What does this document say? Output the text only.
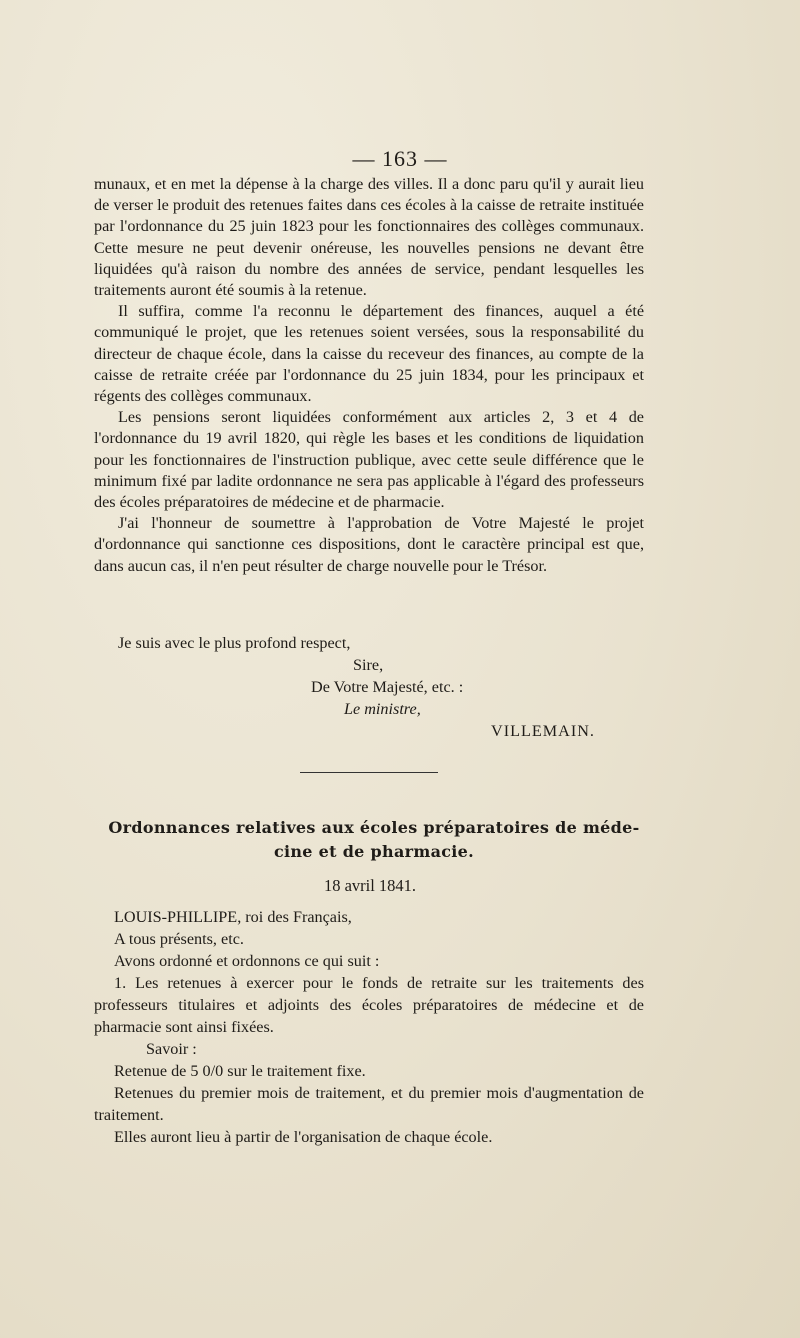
— 163 —

munaux, et en met la dépense à la charge des villes. Il a donc paru qu'il y aurait lieu de verser le produit des retenues faites dans ces écoles à la caisse de retraite instituée par l'ordonnance du 25 juin 1823 pour les fonctionnaires des collèges communaux. Cette mesure ne peut devenir onéreuse, les nouvelles pensions ne devant être liquidées qu'à raison du nombre des années de service, pendant lesquelles les traitements auront été soumis à la retenue.

Il suffira, comme l'a reconnu le département des finances, auquel a été communiqué le projet, que les retenues soient versées, sous la responsabilité du directeur de chaque école, dans la caisse du receveur des finances, au compte de la caisse de retraite créée par l'ordonnance du 25 juin 1834, pour les principaux et régents des collèges communaux.

Les pensions seront liquidées conformément aux articles 2, 3 et 4 de l'ordonnance du 19 avril 1820, qui règle les bases et les conditions de liquidation pour les fonctionnaires de l'instruction publique, avec cette seule différence que le minimum fixé par ladite ordonnance ne sera pas applicable à l'égard des professeurs des écoles préparatoires de médecine et de pharmacie.

J'ai l'honneur de soumettre à l'approbation de Votre Majesté le projet d'ordonnance qui sanctionne ces dispositions, dont le caractère principal est que, dans aucun cas, il n'en peut résulter de charge nouvelle pour le Trésor.

Je suis avec le plus profond respect,
Sire,
De Votre Majesté, etc. :
Le ministre,
VILLEMAIN.
Ordonnances relatives aux écoles préparatoires de méde-
cine et de pharmacie.
18 avril 1841.

LOUIS-PHILLIPE, roi des Français,

A tous présents, etc.

Avons ordonné et ordonnons ce qui suit :

1. Les retenues à exercer pour le fonds de retraite sur les traitements des professeurs titulaires et adjoints des écoles préparatoires de médecine et de pharmacie sont ainsi fixées.

Savoir :

Retenue de 5 0/0 sur le traitement fixe.

Retenues du premier mois de traitement, et du premier mois d'augmentation de traitement.

Elles auront lieu à partir de l'organisation de chaque école.
